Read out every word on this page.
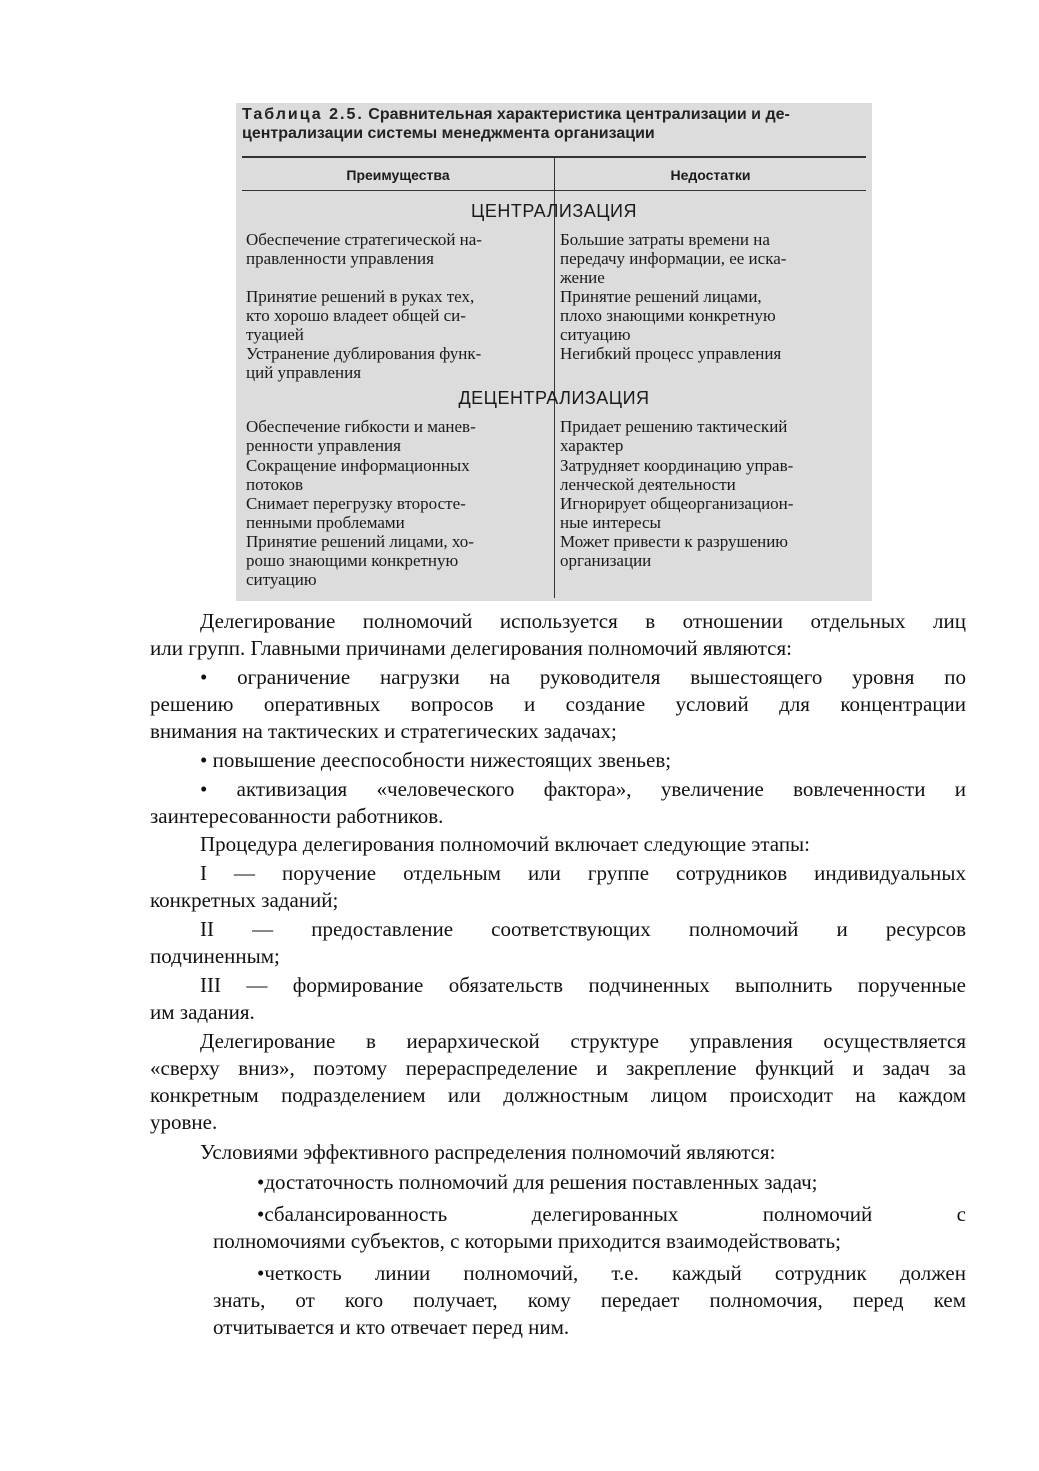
Таблица 2.5. Сравнительная характеристика централизации и де-
централизации системы менеджмента организации
Преимущества	Недостатки
ЦЕНТРАЛИЗАЦИЯ
Обеспечение стратегической на-
правленности управления
Большие затраты времени на
передачу информации, ее иска-
жение
Принятие решений в руках тех,
кто хорошо владеет общей си-
туацией
Принятие решений лицами,
плохо знающими конкретную
ситуацию
Устранение дублирования функ-
ций управления
Негибкий процесс управления
ДЕЦЕНТРАЛИЗАЦИЯ
Обеспечение гибкости и манев-
ренности управления
Придает решению тактический
характер
Сокращение информационных
потоков
Затрудняет координацию управ-
ленческой деятельности
Снимает перегрузку второсте-
пенными проблемами
Игнорирует общеорганизацион-
ные интересы
Принятие решений лицами, хо-
рошо знающими конкретную
ситуацию
Может привести к разрушению
организации
Делегирование полномочий используется в отношении отдельных лиц
или групп. Главными причинами делегирования полномочий являются:
• ограничение нагрузки на руководителя вышестоящего уровня по
решению оперативных вопросов и создание условий для концентрации
внимания на тактических и стратегических задачах;
• повышение дееспособности нижестоящих звеньев;
• активизация «человеческого фактора», увеличение вовлеченности и
заинтересованности работников.
Процедура делегирования полномочий включает следующие этапы:
I — поручение отдельным или группе сотрудников индивидуальных
конкретных заданий;
II — предоставление соответствующих полномочий и ресурсов
подчиненным;
III — формирование обязательств подчиненных выполнить порученные
им задания.
Делегирование в иерархической структуре управления осуществляется
«сверху вниз», поэтому перераспределение и закрепление функций и задач за
конкретным подразделением или должностным лицом происходит на каждом
уровне.
Условиями эффективного распределения полномочий являются:
•достаточность полномочий для решения поставленных задач;
•сбалансированность делегированных полномочий с
полномочиями субъектов, с которыми приходится взаимодействовать;
•четкость линии полномочий, т.е. каждый сотрудник должен
знать, от кого получает, кому передает полномочия, перед кем
отчитывается и кто отвечает перед ним.
